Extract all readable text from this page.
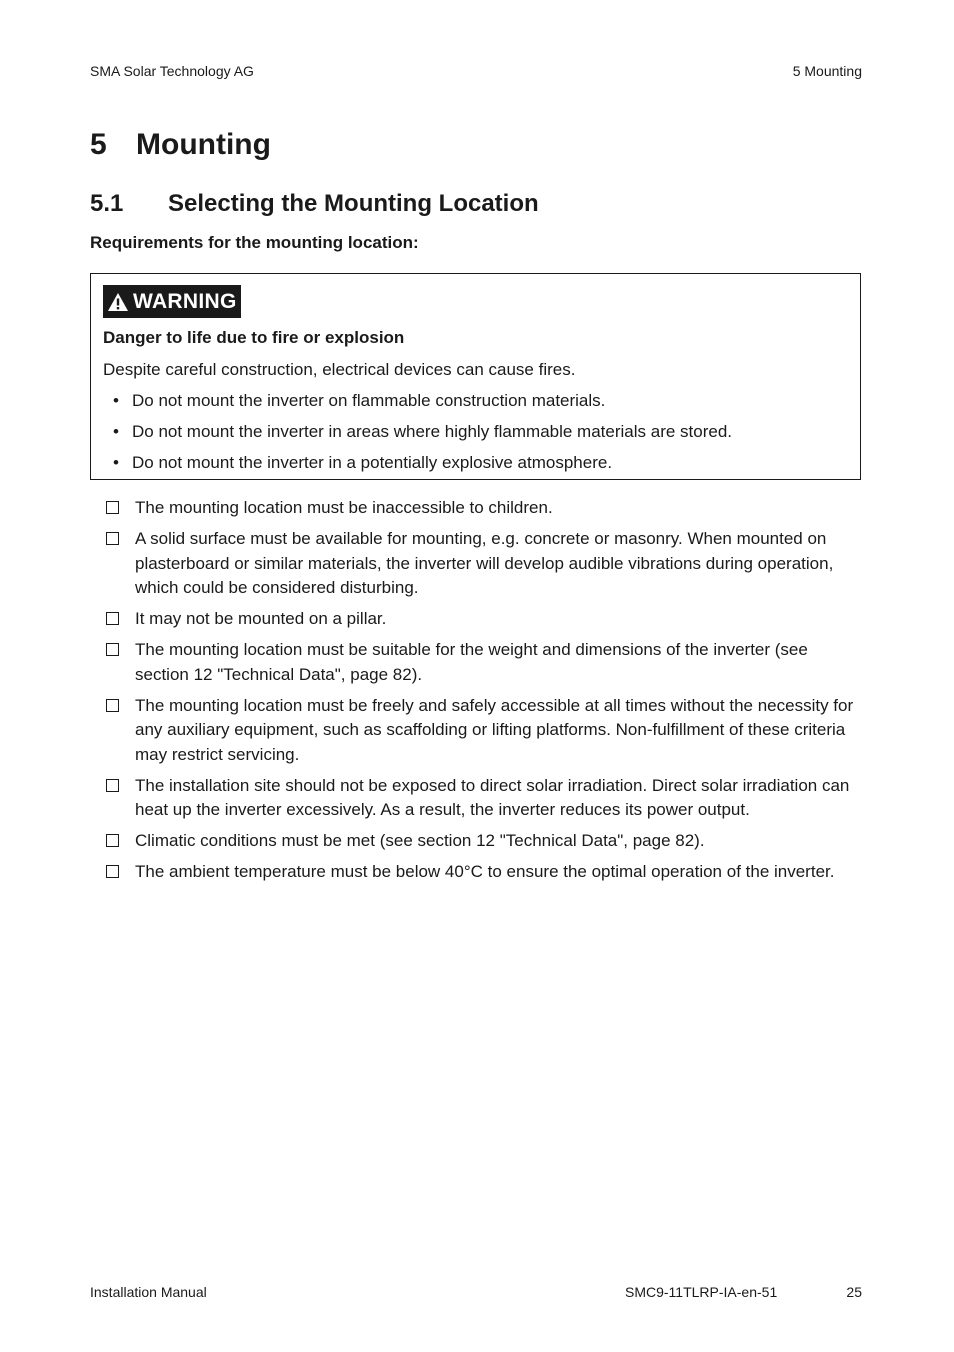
SMA Solar Technology AG	5 Mounting
5 Mounting
5.1 Selecting the Mounting Location

Requirements for the mounting location:

WARNING
Danger to life due to fire or explosion
Despite careful construction, electrical devices can cause fires.
• Do not mount the inverter on flammable construction materials.
• Do not mount the inverter in areas where highly flammable materials are stored.
• Do not mount the inverter in a potentially explosive atmosphere.
The mounting location must be inaccessible to children.
A solid surface must be available for mounting, e.g. concrete or masonry. When mounted on plasterboard or similar materials, the inverter will develop audible vibrations during operation, which could be considered disturbing.
It may not be mounted on a pillar.
The mounting location must be suitable for the weight and dimensions of the inverter (see section 12 "Technical Data", page 82).
The mounting location must be freely and safely accessible at all times without the necessity for any auxiliary equipment, such as scaffolding or lifting platforms. Non-fulfillment of these criteria may restrict servicing.
The installation site should not be exposed to direct solar irradiation. Direct solar irradiation can heat up the inverter excessively. As a result, the inverter reduces its power output.
Climatic conditions must be met (see section 12 "Technical Data", page 82).
The ambient temperature must be below 40°C to ensure the optimal operation of the inverter.
Installation Manual	SMC9-11TLRP-IA-en-51	25
